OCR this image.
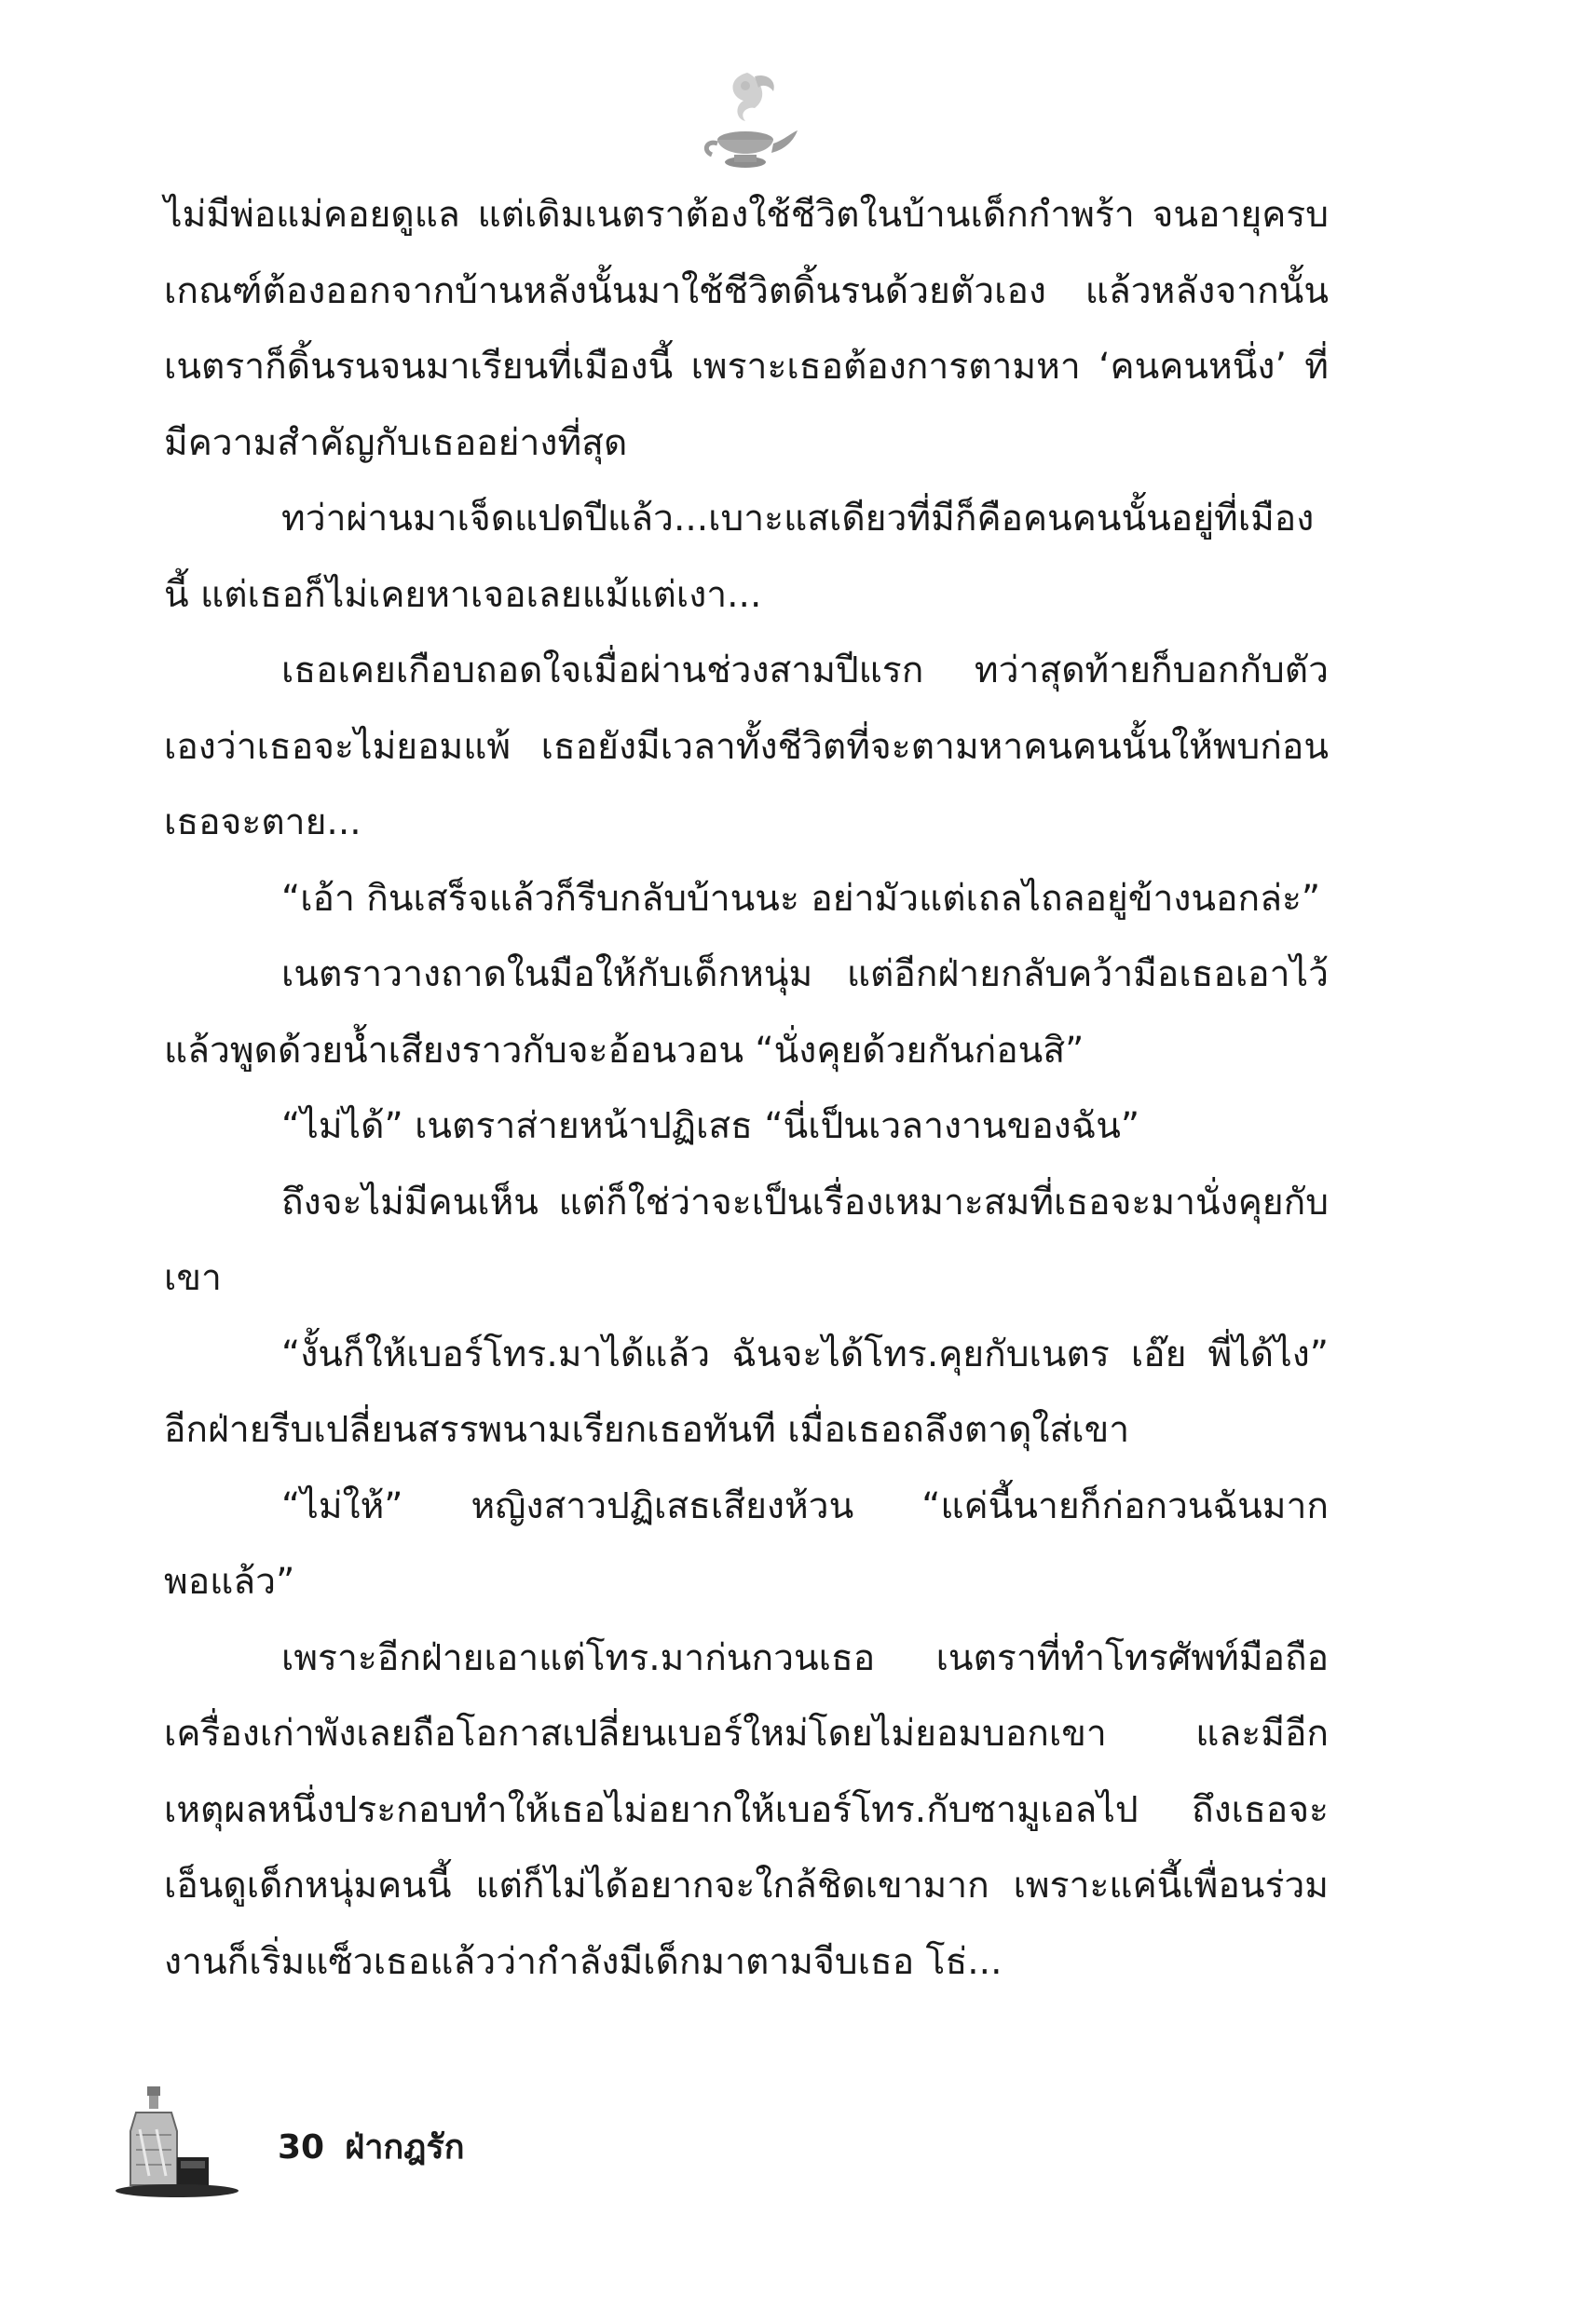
ไม่มีพ่อแม่คอยดูแล แต่เดิมเนตราต้องใช้ชีวิตในบ้านเด็กกำพร้า จนอายุครบเกณฑ์ต้องออกจากบ้านหลังนั้นมาใช้ชีวิตดิ้นรนด้วยตัวเอง แล้วหลังจากนั้นเนตราก็ดิ้นรนจนมาเรียนที่เมืองนี้ เพราะเธอต้องการตามหา ‘คนคนหนึ่ง’ ที่มีความสำคัญกับเธออย่างที่สุด

ทว่าผ่านมาเจ็ดแปดปีแล้ว...เบาะแสเดียวที่มีก็คือคนคนนั้นอยู่ที่เมืองนี้ แต่เธอก็ไม่เคยหาเจอเลยแม้แต่เงา...

เธอเคยเกือบถอดใจเมื่อผ่านช่วงสามปีแรก ทว่าสุดท้ายก็บอกกับตัวเองว่าเธอจะไม่ยอมแพ้ เธอยังมีเวลาทั้งชีวิตที่จะตามหาคนคนนั้นให้พบก่อนเธอจะตาย...

“เอ้า กินเสร็จแล้วก็รีบกลับบ้านนะ อย่ามัวแต่เถลไถลอยู่ข้างนอกล่ะ”

เนตราวางถาดในมือให้กับเด็กหนุ่ม แต่อีกฝ่ายกลับคว้ามือเธอเอาไว้แล้วพูดด้วยน้ำเสียงราวกับจะอ้อนวอน “นั่งคุยด้วยกันก่อนสิ”

“ไม่ได้” เนตราส่ายหน้าปฏิเสธ “นี่เป็นเวลางานของฉัน”

ถึงจะไม่มีคนเห็น แต่ก็ใช่ว่าจะเป็นเรื่องเหมาะสมที่เธอจะมานั่งคุยกับเขา

“งั้นก็ให้เบอร์โทร.มาได้แล้ว ฉันจะได้โทร.คุยกับเนตร เอ๊ย พี่ได้ไง” อีกฝ่ายรีบเปลี่ยนสรรพนามเรียกเธอทันที เมื่อเธอถลึงตาดุใส่เขา

“ไม่ให้” หญิงสาวปฏิเสธเสียงห้วน “แค่นี้นายก็ก่อกวนฉันมากพอแล้ว”

เพราะอีกฝ่ายเอาแต่โทร.มาก่นกวนเธอ เนตราที่ทำโทรศัพท์มือถือเครื่องเก่าพังเลยถือโอกาสเปลี่ยนเบอร์ใหม่โดยไม่ยอมบอกเขา และมีอีกเหตุผลหนึ่งประกอบทำให้เธอไม่อยากให้เบอร์โทร.กับซามูเอลไป ถึงเธอจะเอ็นดูเด็กหนุ่มคนนี้ แต่ก็ไม่ได้อยากจะใกล้ชิดเขามาก เพราะแค่นี้เพื่อนร่วมงานก็เริ่มแซ็วเธอแล้วว่ากำลังมีเด็กมาตามจีบเธอ โธ่...

30 ฝ่ากฎรัก
